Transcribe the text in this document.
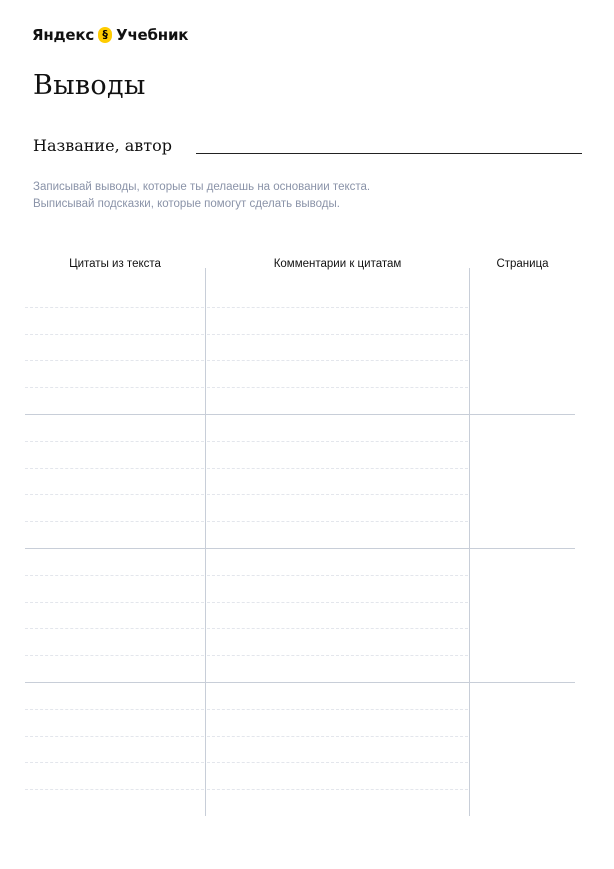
Яндекс § Учебник
Выводы
Название, автор
Записывай выводы, которые ты делаешь на основании текста.
Выписывай подсказки, которые помогут сделать выводы.
Цитаты из текста	Комментарии к цитатам	Страница
